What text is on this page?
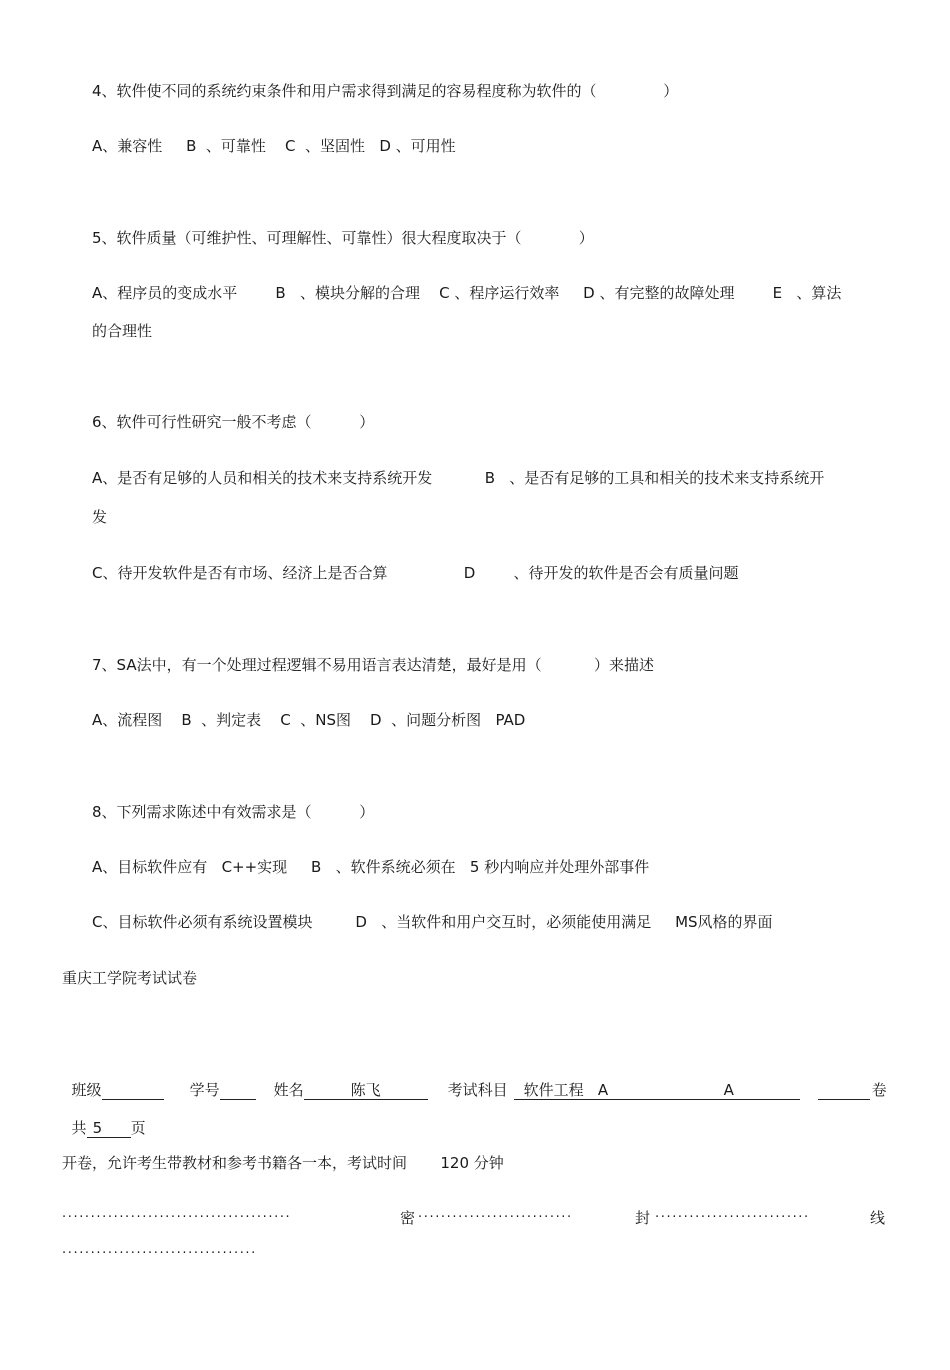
4、软件使不同的系统约束条件和用户需求得到满足的容易程度称为软件的（              ）
A、兼容性     B  、可靠性    C  、坚固性   D 、可用性
5、软件质量（可维护性、可理解性、可靠性）很大程度取决于（            ）
A、程序员的变成水平        B   、模块分解的合理    C 、程序运行效率     D 、有完整的故障处理        E   、算法
的合理性
6、软件可行性研究一般不考虑（          ）
A、是否有足够的人员和相关的技术来支持系统开发           B   、是否有足够的工具和相关的技术来支持系统开
发
C、待开发软件是否有市场、经济上是否合算                D        、待开发的软件是否会有质量问题
7、SA法中，有一个处理过程逻辑不易用语言表达清楚，最好是用（           ）来描述
A、流程图    B  、判定表    C  、NS图    D  、问题分析图   PAD
8、下列需求陈述中有效需求是（          ）
A、目标软件应有   C++实现     B   、软件系统必须在   5 秒内响应并处理外部事件
C、目标软件必须有系统设置模块         D   、当软件和用户交互时，必须能使用满足     MS风格的界面
重庆工学院考试试卷

班级	学号	姓名	陈飞	考试科目 软件工程   A	A	卷

共 5 页

开卷，允许考生带教材和参考书籍各一本，考试时间       120 分钟
········································	密 ···························	封 ···························	线
··································
